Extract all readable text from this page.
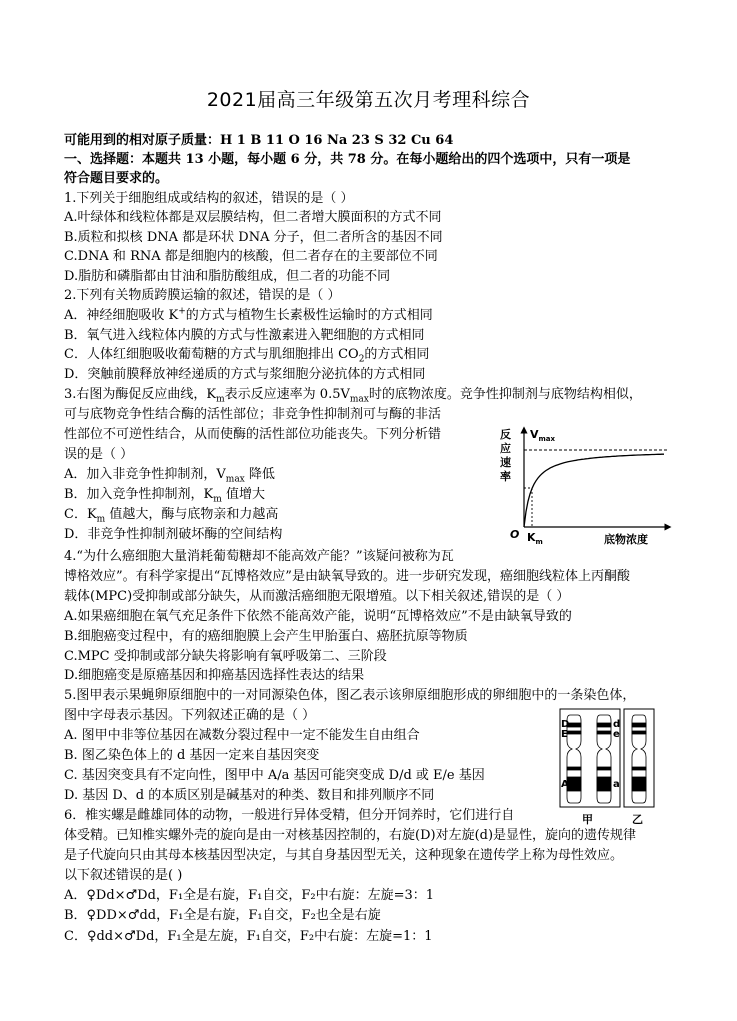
2021届高三年级第五次月考理科综合
可能用到的相对原子质量：H 1 B 11 O 16 Na 23 S 32 Cu 64
一、选择题：本题共 13 小题，每小题 6 分，共 78 分。在每小题给出的四个选项中，只有一项是
符合题目要求的。
1.下列关于细胞组成或结构的叙述，错误的是（ ）
A.叶绿体和线粒体都是双层膜结构，但二者增大膜面积的方式不同
B.质粒和拟核 DNA 都是环状 DNA 分子，但二者所含的基因不同
C.DNA 和 RNA 都是细胞内的核酸，但二者存在的主要部位不同
D.脂肪和磷脂都由甘油和脂肪酸组成，但二者的功能不同
2.下列有关物质跨膜运输的叙述，错误的是（ ）
A．神经细胞吸收 K+的方式与植物生长素极性运输时的方式相同
B．氧气进入线粒体内膜的方式与性激素进入靶细胞的方式相同
C．人体红细胞吸收葡萄糖的方式与肌细胞排出 $CO_2$的方式相同
D．突触前膜释放神经递质的方式与浆细胞分泌抗体的方式相同
3.右图为酶促反应曲线，$K_m$表示反应速率为 $0.5V_{max}$时的底物浓度。竞争性抑制剂与底物结构相似，
可与底物竞争性结合酶的活性部位；非竞争性抑制剂可与酶的非活
性部位不可逆性结合，从而使酶的活性部位功能丧失。下列分析错
误的是（ ）
A．加入非竞争性抑制剂，$V_{max}$ 降低
B．加入竞争性抑制剂，$K_m$ 值增大
C．$K_m$ 值越大，酶与底物亲和力越高
D．非竞争性抑制剂破坏酶的空间结构
反
应
速
率
$V_{max}$
O $K_m$	底物浓度
4.“为什么癌细胞大量消耗葡萄糖却不能高效产能？”该疑问被称为瓦
博格效应”。有科学家提出“瓦博格效应”是由缺氧导致的。进一步研究发现，癌细胞线粒体上丙酮酸
载体(MPC)受抑制或部分缺失，从而激活癌细胞无限增殖。以下相关叙述,错误的是（ ）
A.如果癌细胞在氧气充足条件下依然不能高效产能，说明“瓦博格效应”不是由缺氧导致的
B.细胞癌变过程中，有的癌细胞膜上会产生甲胎蛋白、癌胚抗原等物质
C.MPC 受抑制或部分缺失将影响有氧呼吸第二、三阶段
D.细胞癌变是原癌基因和抑癌基因选择性表达的结果
5.图甲表示果蝇卵原细胞中的一对同源染色体，图乙表示该卵原细胞形成的卵细胞中的一条染色体，
图中字母表示基因。下列叙述正确的是（ ）
A. 图甲中非等位基因在减数分裂过程中一定不能发生自由组合
B. 图乙染色体上的 d 基因一定来自基因突变
C. 基因突变具有不定向性，图甲中 A/a 基因可能突变成 D/d 或 E/e 基因
D. 基因 D、d 的本质区别是碱基对的种类、数目和排列顺序不同
D
E
A
d
e
a
甲	乙
6．椎实螺是雌雄同体的动物，一般进行异体受精，但分开饲养时，它们进行自
体受精。已知椎实螺外壳的旋向是由一对核基因控制的，右旋(D)对左旋(d)是显性，旋向的遗传规律
是子代旋向只由其母本核基因型决定，与其自身基因型无关，这种现象在遗传学上称为母性效应。
以下叙述错误的是( )
A．♀Dd×♂Dd，F₁全是右旋，F₁自交，F₂中右旋：左旋=3：1
B．♀DD×♂dd，F₁全是右旋，F₁自交，F₂也全是右旋
C．♀dd×♂Dd，F₁全是左旋，F₁自交，F₂中右旋：左旋=1：1
